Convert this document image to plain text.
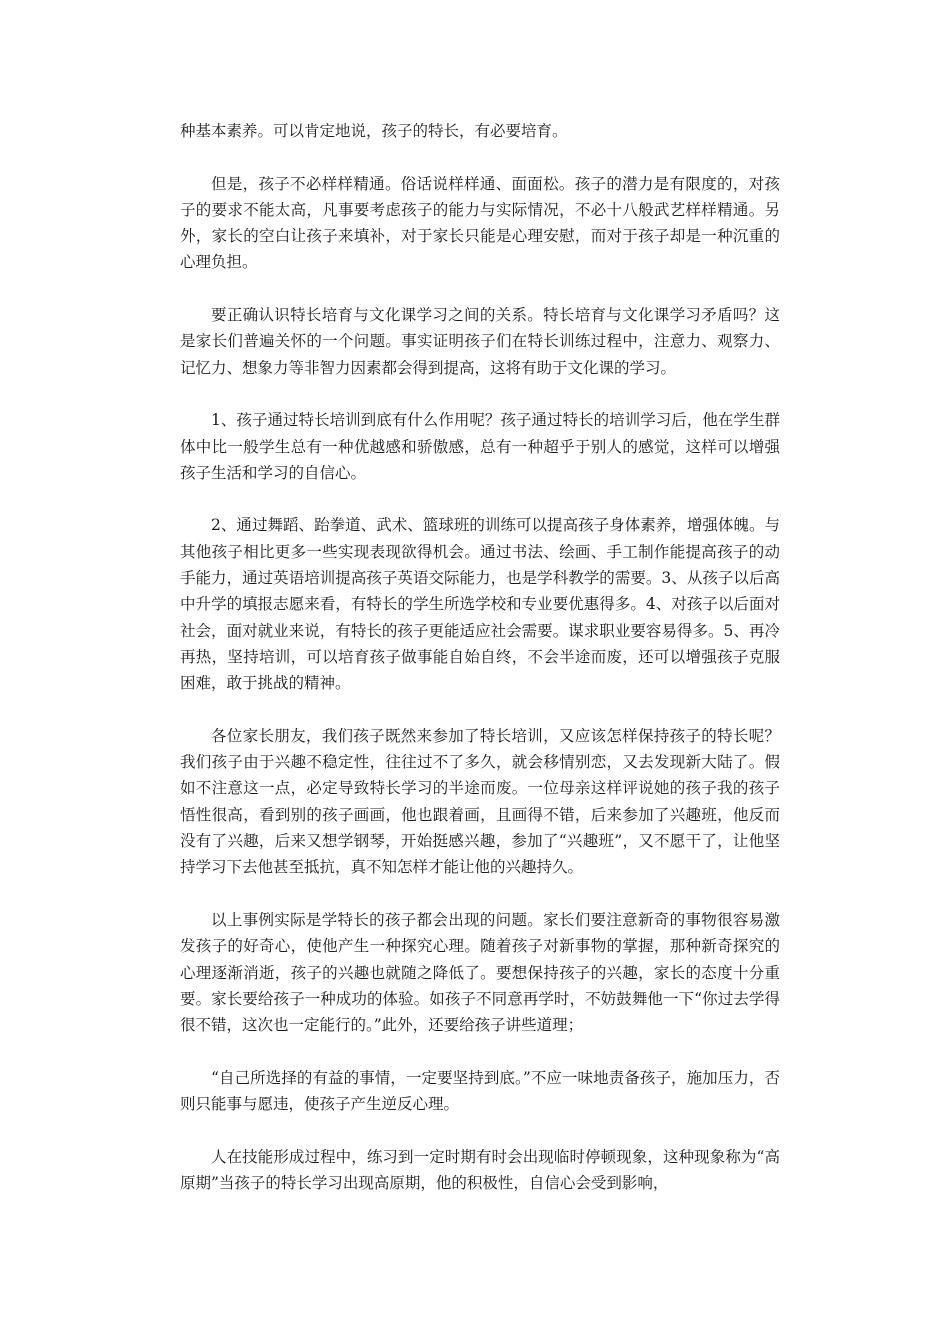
种基本素养。可以肯定地说，孩子的特长，有必要培育。

但是，孩子不必样样精通。俗话说样样通、面面松。孩子的潜力是有限度的，对孩子的要求不能太高，凡事要考虑孩子的能力与实际情况，不必十八般武艺样样精通。另外，家长的空白让孩子来填补，对于家长只能是心理安慰，而对于孩子却是一种沉重的心理负担。

要正确认识特长培育与文化课学习之间的关系。特长培育与文化课学习矛盾吗？这是家长们普遍关怀的一个问题。事实证明孩子们在特长训练过程中，注意力、观察力、记忆力、想象力等非智力因素都会得到提高，这将有助于文化课的学习。

1、孩子通过特长培训到底有什么作用呢？孩子通过特长的培训学习后，他在学生群体中比一般学生总有一种优越感和骄傲感，总有一种超乎于别人的感觉，这样可以增强孩子生活和学习的自信心。

2、通过舞蹈、跆拳道、武术、篮球班的训练可以提高孩子身体素养，增强体魄。与其他孩子相比更多一些实现表现欲得机会。通过书法、绘画、手工制作能提高孩子的动手能力，通过英语培训提高孩子英语交际能力，也是学科教学的需要。3、从孩子以后高中升学的填报志愿来看，有特长的学生所选学校和专业要优惠得多。4、对孩子以后面对社会，面对就业来说，有特长的孩子更能适应社会需要。谋求职业要容易得多。5、再冷再热，坚持培训，可以培育孩子做事能自始自终，不会半途而废，还可以增强孩子克服困难，敢于挑战的精神。

各位家长朋友，我们孩子既然来参加了特长培训，又应该怎样保持孩子的特长呢？我们孩子由于兴趣不稳定性，往往过不了多久，就会移情别恋，又去发现新大陆了。假如不注意这一点，必定导致特长学习的半途而废。一位母亲这样评说她的孩子我的孩子悟性很高，看到别的孩子画画，他也跟着画，且画得不错，后来参加了兴趣班，他反而没有了兴趣，后来又想学钢琴，开始挺感兴趣，参加了“兴趣班”，又不愿干了，让他坚持学习下去他甚至抵抗，真不知怎样才能让他的兴趣持久。

以上事例实际是学特长的孩子都会出现的问题。家长们要注意新奇的事物很容易激发孩子的好奇心，使他产生一种探究心理。随着孩子对新事物的掌握，那种新奇探究的心理逐渐消逝，孩子的兴趣也就随之降低了。要想保持孩子的兴趣，家长的态度十分重要。家长要给孩子一种成功的体验。如孩子不同意再学时，不妨鼓舞他一下“你过去学得很不错，这次也一定能行的。”此外，还要给孩子讲些道理；

“自己所选择的有益的事情，一定要坚持到底。”不应一味地责备孩子，施加压力，否则只能事与愿违，使孩子产生逆反心理。

人在技能形成过程中，练习到一定时期有时会出现临时停顿现象，这种现象称为“高原期”当孩子的特长学习出现高原期，他的积极性，自信心会受到影响，
